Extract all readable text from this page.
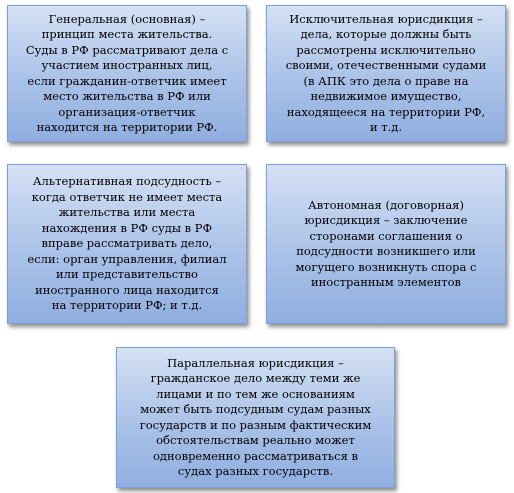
Генеральная (основная) –
принцип места жительства.
Суды в РФ рассматривают дела с
участием иностранных лиц,
если гражданин-ответчик имеет
место жительства в РФ или
организация-ответчик
находится на территории РФ.

Исключительная юрисдикция –
дела, которые должны быть
рассмотрены исключительно
своими, отечественными судами
(в АПК это дела о праве на
недвижимое имущество,
находящееся на территории РФ,
и т.д.

Альтернативная подсудность –
когда ответчик не имеет места
жительства или места
нахождения в РФ суды в РФ
вправе рассматривать дело,
если: орган управления, филиал
или представительство
иностранного лица находится
на территории РФ; и т.д.

Автономная (договорная)
юрисдикция – заключение
сторонами соглашения о
подсудности возникшего или
могущего возникнуть спора с
иностранным элементов

Параллельная юрисдикция –
гражданское дело между теми же
лицами и по тем же основаниям
может быть подсудным судам разных
государств и по разным фактическим
обстоятельствам реально может
одновременно рассматриваться в
судах разных государств.
